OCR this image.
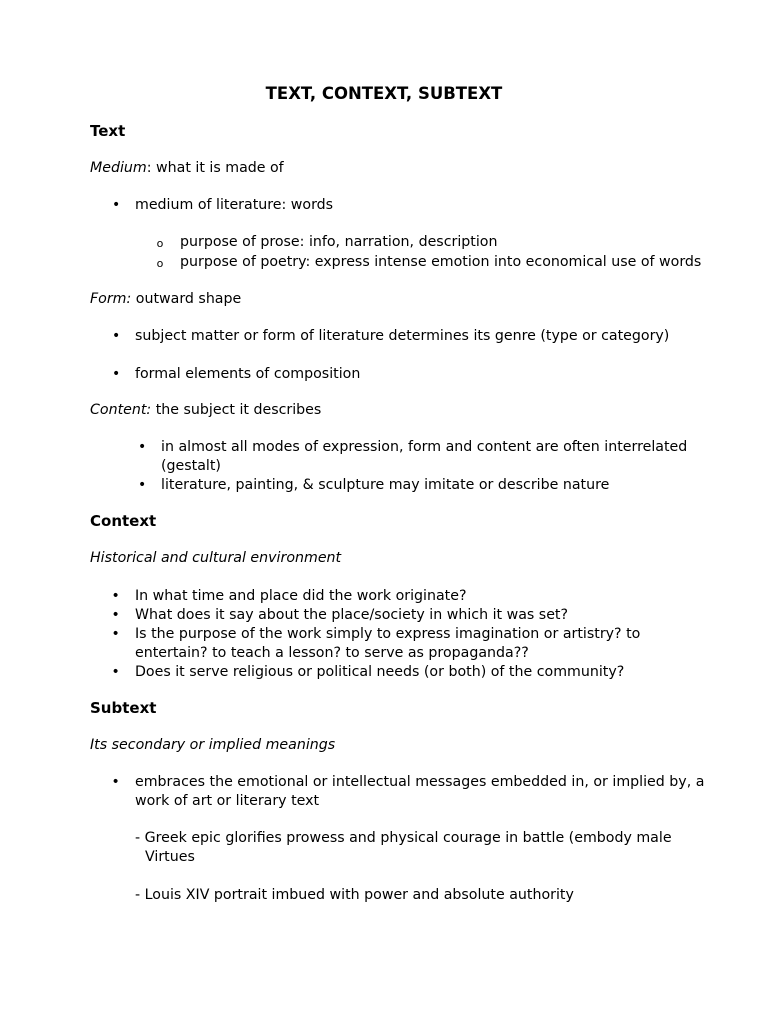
TEXT, CONTEXT, SUBTEXT
Text
Medium: what it is made of
• medium of literature: words
o purpose of prose: info, narration, description
o purpose of poetry: express intense emotion into economical use of words
Form: outward shape
• subject matter or form of literature determines its genre (type or category)
• formal elements of composition
Content: the subject it describes
• in almost all modes of expression, form and content are often interrelated
(gestalt)
• literature, painting, & sculpture may imitate or describe nature
Context
Historical and cultural environment
• In what time and place did the work originate?
• What does it say about the place/society in which it was set?
• Is the purpose of the work simply to express imagination or artistry? to
entertain? to teach a lesson? to serve as propaganda??
• Does it serve religious or political needs (or both) of the community?
Subtext
Its secondary or implied meanings
• embraces the emotional or intellectual messages embedded in, or implied by, a
work of art or literary text
- Greek epic glorifies prowess and physical courage in battle (embody male
Virtues
- Louis XIV portrait imbued with power and absolute authority
